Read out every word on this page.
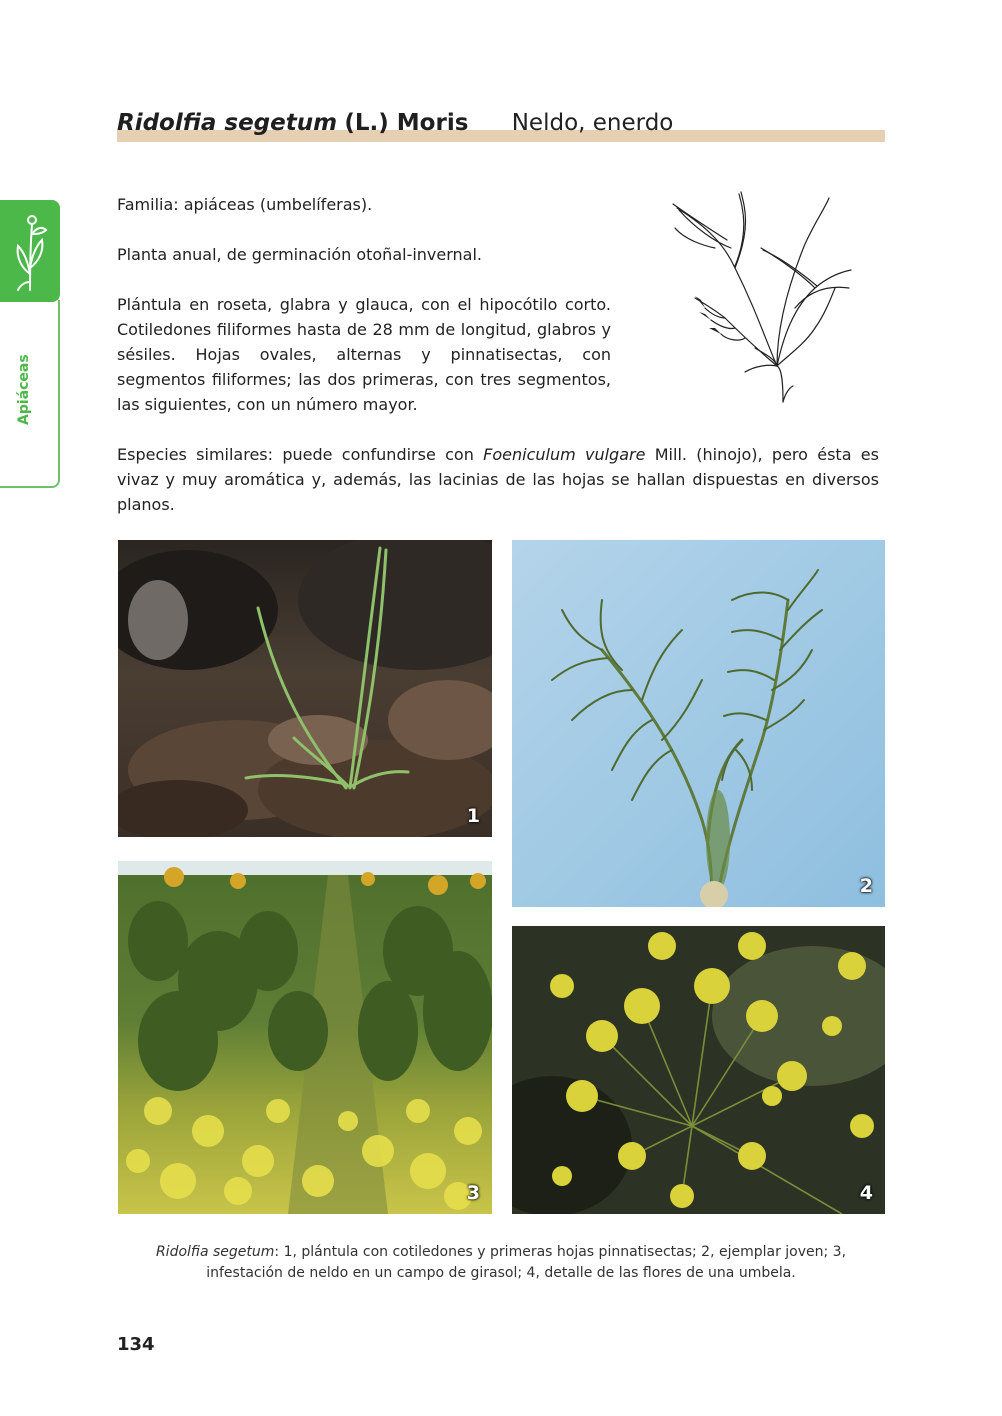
Ridolfia segetum (L.) Moris Neldo, enerdo
Apiáceas
Familia: apiáceas (umbelíferas).
Planta anual, de germinación otoñal-invernal.
Plántula en roseta, glabra y glauca, con el hipocótilo corto. Cotiledones filiformes hasta de 28 mm de longitud, glabros y sésiles. Hojas ovales, alternas y pinnatisectas, con segmentos filiformes; las dos primeras, con tres segmentos, las siguientes, con un número mayor.
Especies similares: puede confundirse con Foeniculum vulgare Mill. (hinojo), pero ésta es vivaz y muy aromática y, además, las lacinias de las hojas se hallan dispuestas en diversos planos.
1
2
3	4
Ridolfia segetum: 1, plántula con cotiledones y primeras hojas pinnatisectas; 2, ejemplar joven; 3, infestación de neldo en un campo de girasol; 4, detalle de las flores de una umbela.
134
